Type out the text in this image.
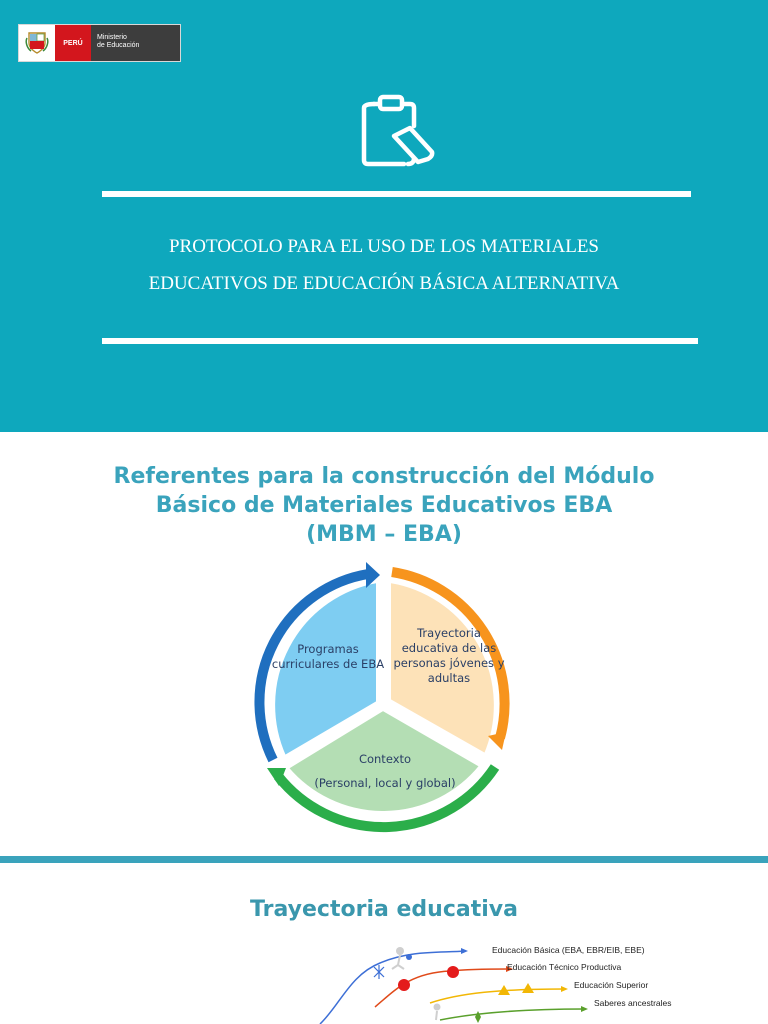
PERÚ
Ministerio
de Educación
PROTOCOLO PARA EL USO DE LOS MATERIALES
EDUCATIVOS DE EDUCACIÓN BÁSICA ALTERNATIVA
Referentes para la construcción del Módulo
Básico de Materiales Educativos EBA
(MBM – EBA)
Programas curriculares de EBA
Trayectoria educativa de las personas jóvenes y adultas
Contexto
(Personal, local y global)
Trayectoria educativa
Educación Básica (EBA, EBR/EIB, EBE)
Educación Técnico Productiva
Educación Superior
Saberes ancestrales
